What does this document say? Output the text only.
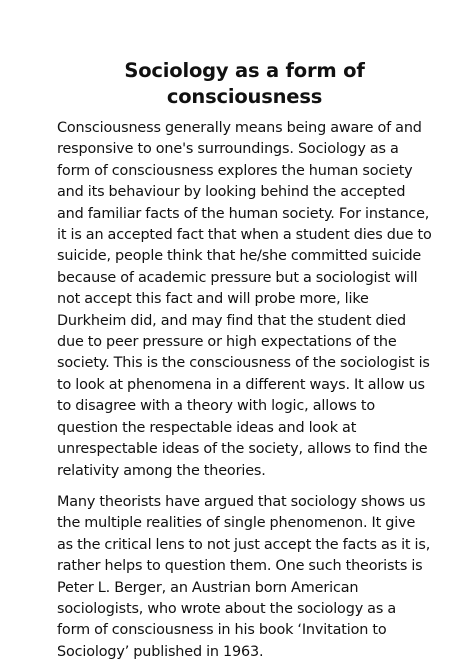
Sociology as a form of consciousness

Consciousness generally means being aware of and responsive to one's surroundings. Sociology as a form of consciousness explores the human society and its behaviour by looking behind the accepted and familiar facts of the human society. For instance, it is an accepted fact that when a student dies due to suicide, people think that he/she committed suicide because of academic pressure but a sociologist will not accept this fact and will probe more, like Durkheim did, and may find that the student died due to peer pressure or high expectations of the society. This is the consciousness of the sociologist is to look at phenomena in a different ways. It allow us to disagree with a theory with logic, allows to question the respectable ideas and look at unrespectable ideas of the society, allows to find the relativity among the theories.

Many theorists have argued that sociology shows us the multiple realities of single phenomenon. It give as the critical lens to not just accept the facts as it is, rather helps to question them. One such theorists is Peter L. Berger, an Austrian born American sociologists, who wrote about the sociology as a form of consciousness in his book ‘Invitation to Sociology’ published in 1963.
